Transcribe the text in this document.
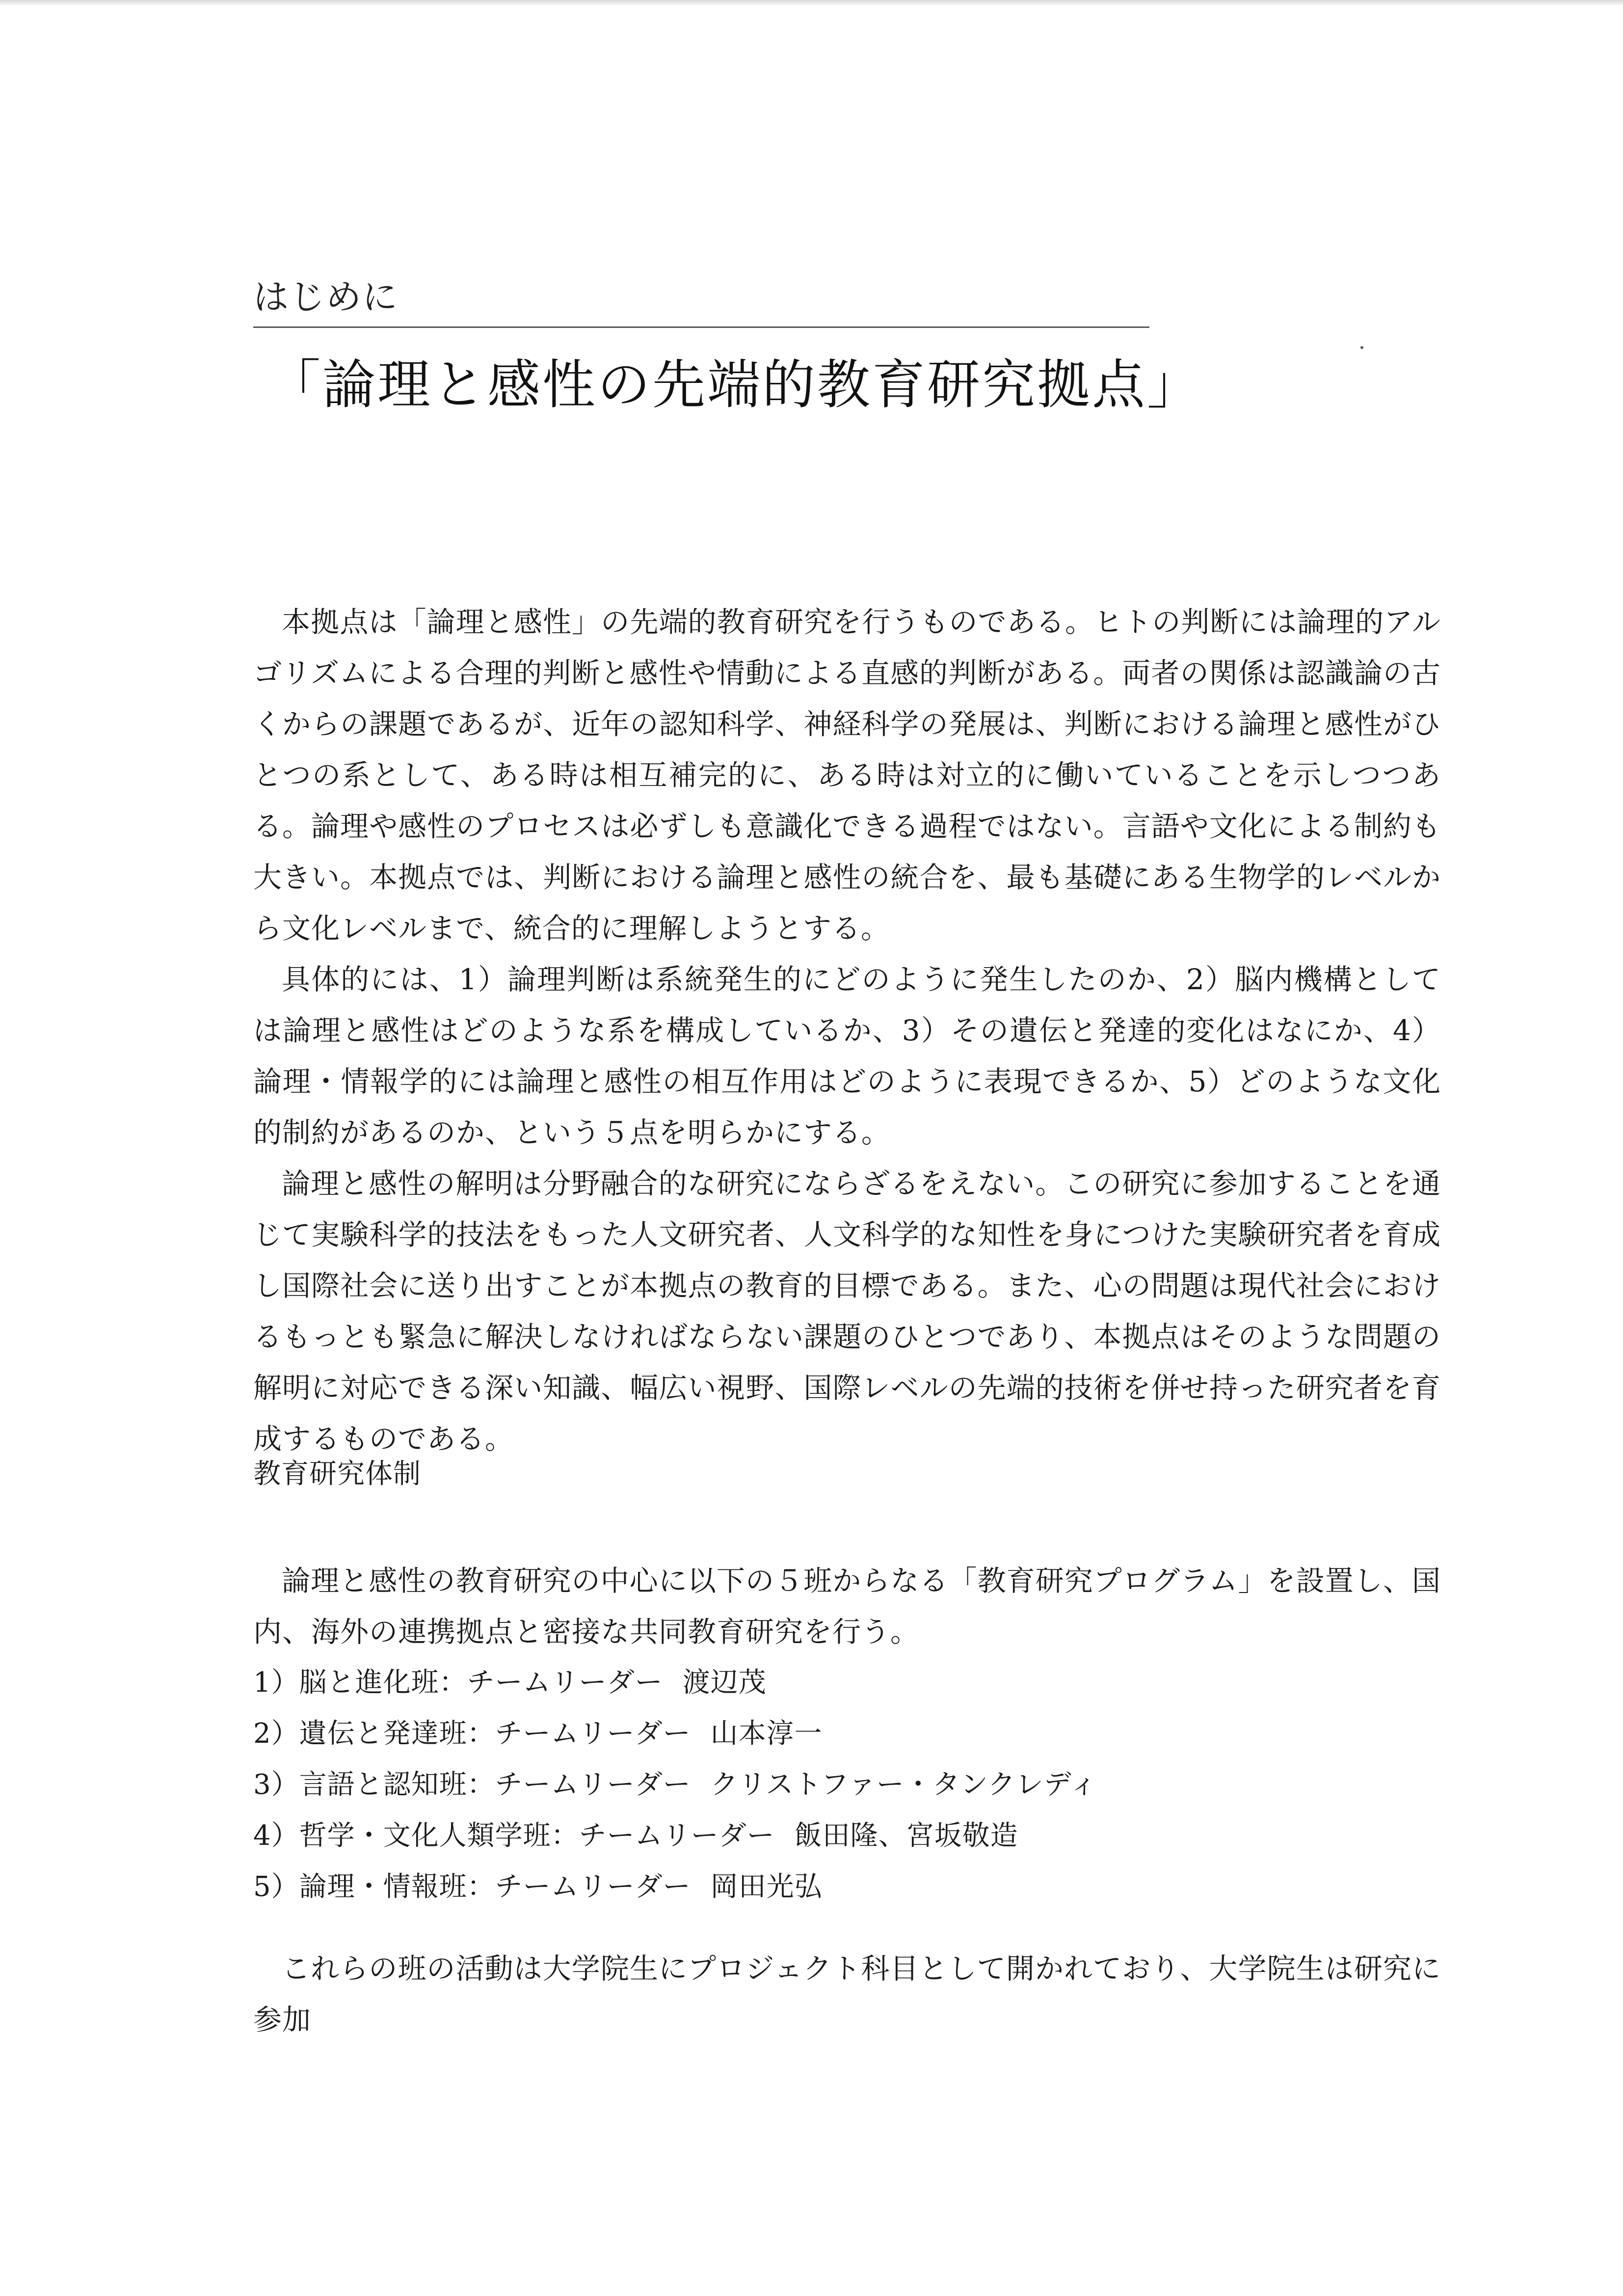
はじめに
「論理と感性の先端的教育研究拠点」

本拠点は「論理と感性」の先端的教育研究を行うものである。ヒトの判断には論理的アルゴリズムによる合理的判断と感性や情動による直感的判断がある。両者の関係は認識論の古くからの課題であるが、近年の認知科学、神経科学の発展は、判断における論理と感性がひとつの系として、ある時は相互補完的に、ある時は対立的に働いていることを示しつつある。論理や感性のプロセスは必ずしも意識化できる過程ではない。言語や文化による制約も大きい。本拠点では、判断における論理と感性の統合を、最も基礎にある生物学的レベルから文化レベルまで、統合的に理解しようとする。

具体的には、1）論理判断は系統発生的にどのように発生したのか、2）脳内機構としては論理と感性はどのような系を構成しているか、3）その遺伝と発達的変化はなにか、4）論理・情報学的には論理と感性の相互作用はどのように表現できるか、5）どのような文化的制約があるのか、という５点を明らかにする。

論理と感性の解明は分野融合的な研究にならざるをえない。この研究に参加することを通じて実験科学的技法をもった人文研究者、人文科学的な知性を身につけた実験研究者を育成し国際社会に送り出すことが本拠点の教育的目標である。また、心の問題は現代社会におけるもっとも緊急に解決しなければならない課題のひとつであり、本拠点はそのような問題の解明に対応できる深い知識、幅広い視野、国際レベルの先端的技術を併せ持った研究者を育成するものである。

教育研究体制

論理と感性の教育研究の中心に以下の５班からなる「教育研究プログラム」を設置し、国内、海外の連携拠点と密接な共同教育研究を行う。

1）脳と進化班：チームリーダー 渡辺茂
2）遺伝と発達班：チームリーダー 山本淳一
3）言語と認知班：チームリーダー クリストファー・タンクレディ
4）哲学・文化人類学班：チームリーダー 飯田隆、宮坂敬造
5）論理・情報班：チームリーダー 岡田光弘

これらの班の活動は大学院生にプロジェクト科目として開かれており、大学院生は研究に参加
